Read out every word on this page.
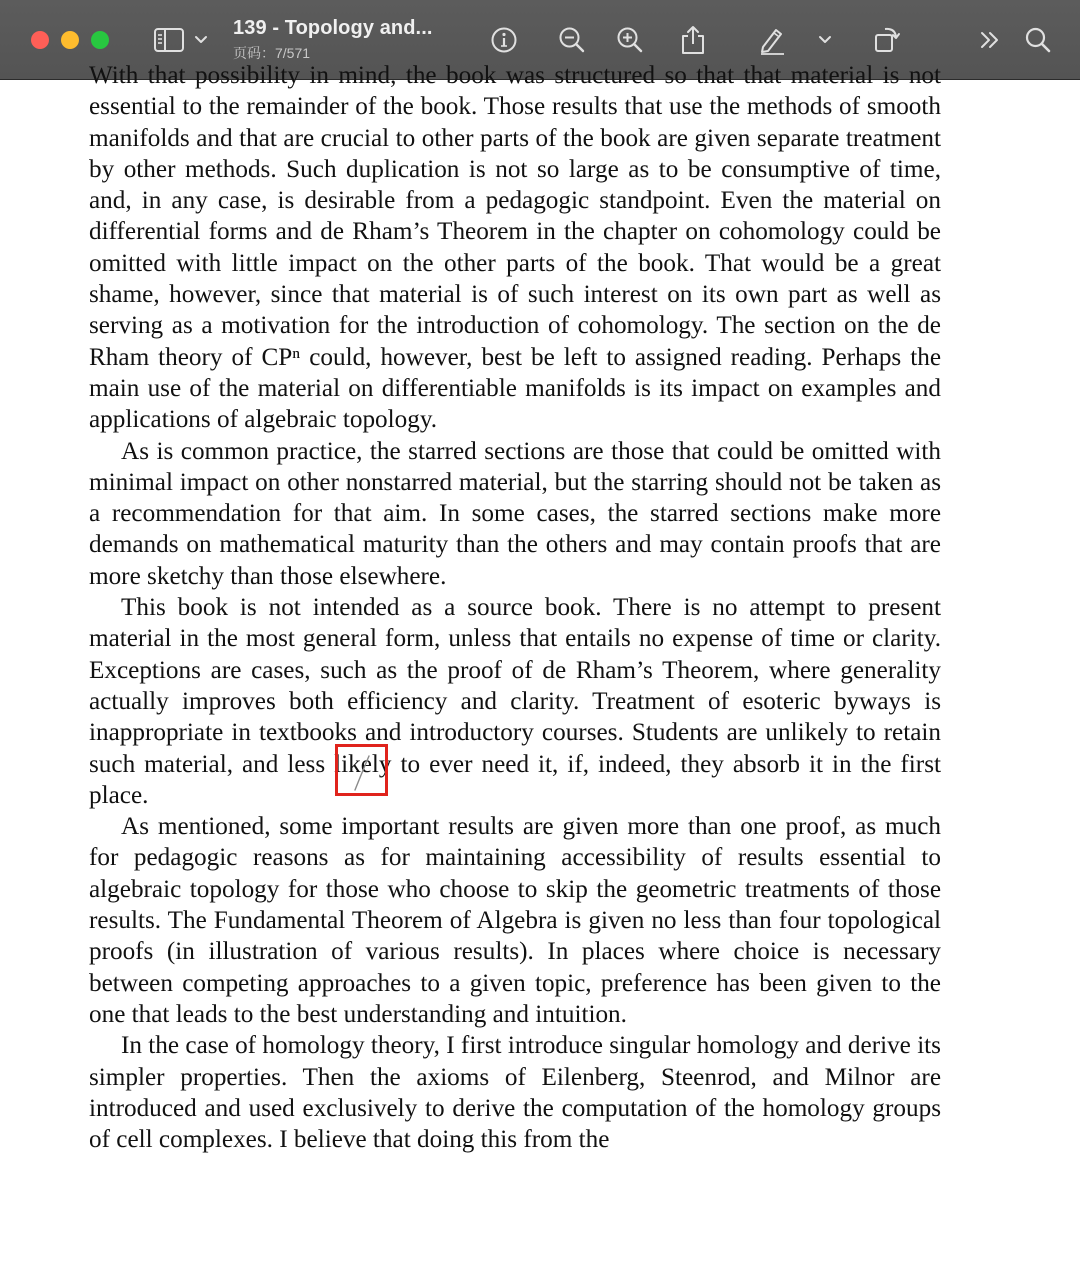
139 - Topology and...
页码：7/571

With that possibility in mind, the book was structured so that that material is not essential to the remainder of the book. Those results that use the methods of smooth manifolds and that are crucial to other parts of the book are given separate treatment by other methods. Such duplication is not so large as to be consumptive of time, and, in any case, is desirable from a pedagogic standpoint. Even the material on differential forms and de Rham’s Theorem in the chapter on cohomology could be omitted with little impact on the other parts of the book. That would be a great shame, however, since that material is of such interest on its own part as well as serving as a motivation for the introduction of cohomology. The section on the de Rham theory of CPⁿ could, however, best be left to assigned reading. Perhaps the main use of the material on differentiable manifolds is its impact on examples and applications of algebraic topology.

As is common practice, the starred sections are those that could be omitted with minimal impact on other nonstarred material, but the starring should not be taken as a recommendation for that aim. In some cases, the starred sections make more demands on mathematical maturity than the others and may contain proofs that are more sketchy than those elsewhere.

This book is not intended as a source book. There is no attempt to present material in the most general form, unless that entails no expense of time or clarity. Exceptions are cases, such as the proof of de Rham’s Theorem, where generality actually improves both efficiency and clarity. Treatment of esoteric byways is inappropriate in textbooks and introductory courses. Students are unlikely to retain such material, and less likely to ever need it, if, indeed, they absorb it in the first place.

As mentioned, some important results are given more than one proof, as much for pedagogic reasons as for maintaining accessibility of results essential to algebraic topology for those who choose to skip the geometric treatments of those results. The Fundamental Theorem of Algebra is given no less than four topological proofs (in illustration of various results). In places where choice is necessary between competing approaches to a given topic, preference has been given to the one that leads to the best understanding and intuition.

In the case of homology theory, I first introduce singular homology and derive its simpler properties. Then the axioms of Eilenberg, Steenrod, and Milnor are introduced and used exclusively to derive the computation of the homology groups of cell complexes. I believe that doing this from the
